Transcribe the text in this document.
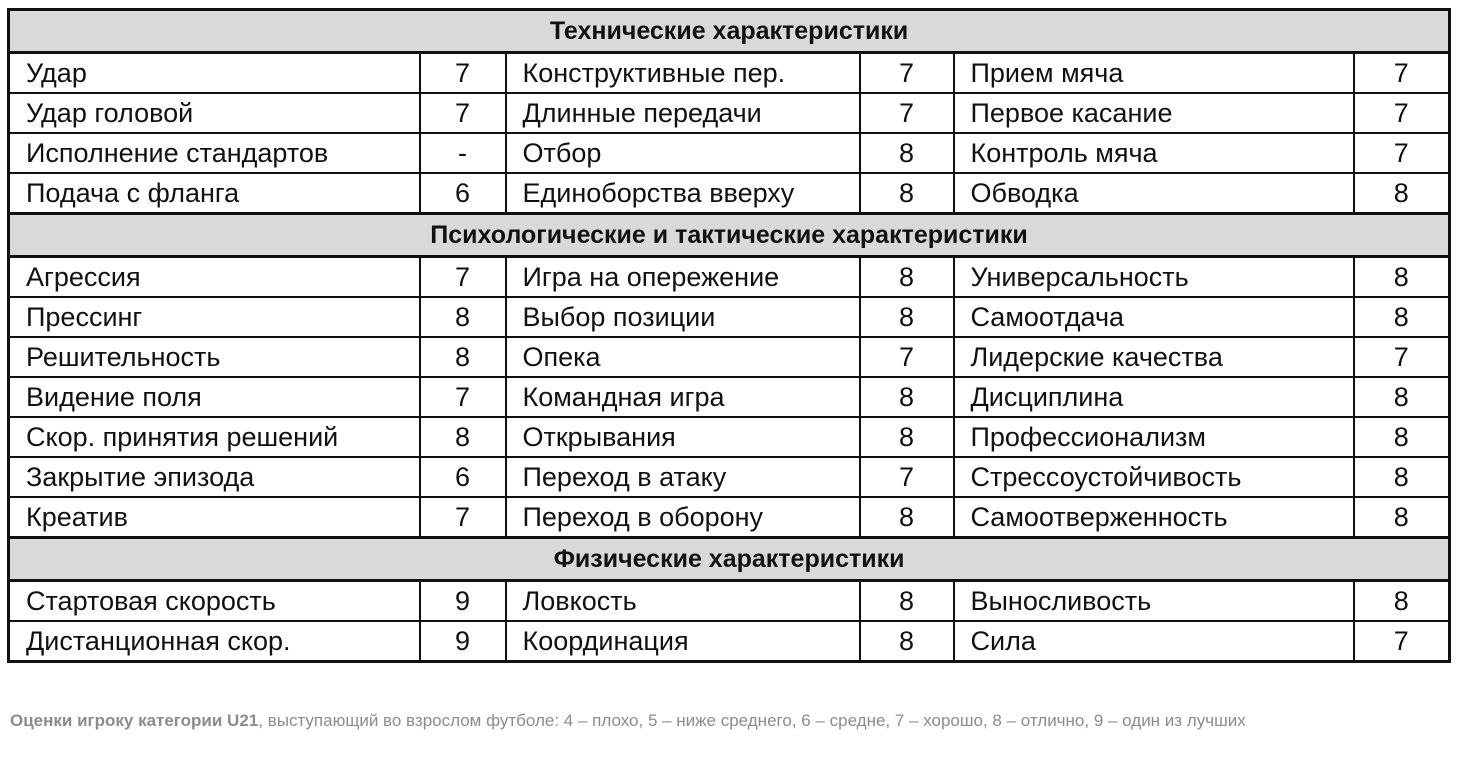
Технические характеристики					
Удар	7	Конструктивные пер.	7	Прием мяча	7
Удар головой	7	Длинные передачи	7	Первое касание	7
Исполнение стандартов	-	Отбор	8	Контроль мяча	7
Подача с фланга	6	Единоборства вверху	8	Обводка	8
Психологические и тактические характеристики					
Агрессия	7	Игра на опережение	8	Универсальность	8
Прессинг	8	Выбор позиции	8	Самоотдача	8
Решительность	8	Опека	7	Лидерские качества	7
Видение поля	7	Командная игра	8	Дисциплина	8
Скор. принятия решений	8	Открывания	8	Профессионализм	8
Закрытие эпизода	6	Переход в атаку	7	Стрессоустойчивость	8
Креатив	7	Переход в оборону	8	Самоотверженность	8
Физические характеристики					
Стартовая скорость	9	Ловкость	8	Выносливость	8
Дистанционная скор.	9	Координация	8	Сила	7
Оценки игроку категории U21, выступающий во взрослом футболе: 4 – плохо, 5 – ниже среднего, 6 – средне, 7 – хорошо, 8 – отлично, 9 – один из лучших
